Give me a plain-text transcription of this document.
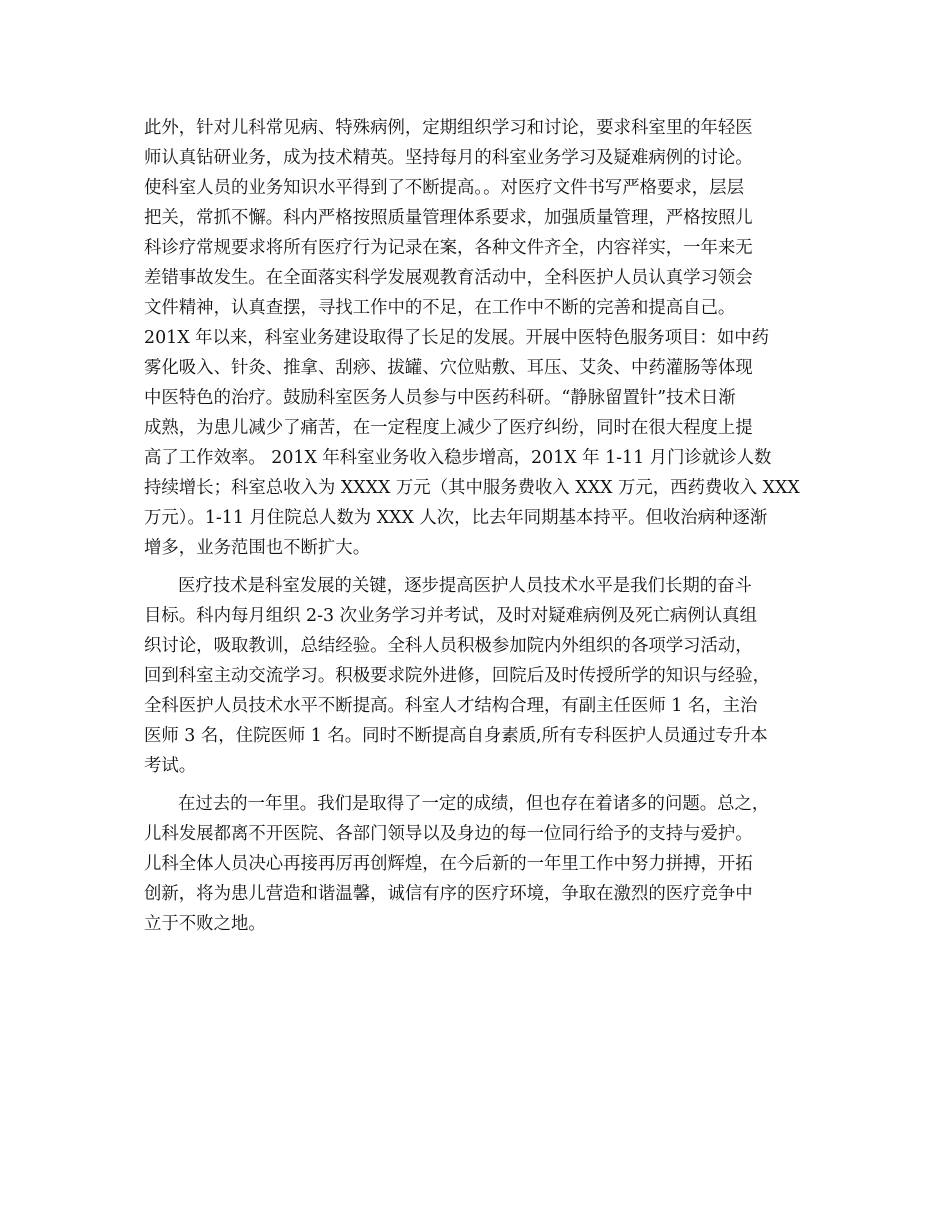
此外，针对儿科常见病、特殊病例，定期组织学习和讨论，要求科室里的年轻医
师认真钻研业务，成为技术精英。坚持每月的科室业务学习及疑难病例的讨论。
使科室人员的业务知识水平得到了不断提高。。对医疗文件书写严格要求，层层
把关，常抓不懈。科内严格按照质量管理体系要求，加强质量管理，严格按照儿
科诊疗常规要求将所有医疗行为记录在案，各种文件齐全，内容祥实，一年来无
差错事故发生。在全面落实科学发展观教育活动中，全科医护人员认真学习领会
文件精神，认真查摆，寻找工作中的不足，在工作中不断的完善和提高自己。
201X 年以来，科室业务建设取得了长足的发展。开展中医特色服务项目：如中药
雾化吸入、针灸、推拿、刮痧、拔罐、穴位贴敷、耳压、艾灸、中药灌肠等体现
中医特色的治疗。鼓励科室医务人员参与中医药科研。“静脉留置针”技术日渐
成熟，为患儿减少了痛苦，在一定程度上减少了医疗纠纷，同时在很大程度上提
高了工作效率。 201X 年科室业务收入稳步增高，201X 年 1-11 月门诊就诊人数
持续增长；科室总收入为 XXXX 万元（其中服务费收入 XXX 万元，西药费收入 XXX
万元）。1-11 月住院总人数为 XXX 人次，比去年同期基本持平。但收治病种逐渐
增多，业务范围也不断扩大。

医疗技术是科室发展的关键，逐步提高医护人员技术水平是我们长期的奋斗
目标。科内每月组织 2-3 次业务学习并考试，及时对疑难病例及死亡病例认真组
织讨论，吸取教训，总结经验。全科人员积极参加院内外组织的各项学习活动，
回到科室主动交流学习。积极要求院外进修，回院后及时传授所学的知识与经验，
全科医护人员技术水平不断提高。科室人才结构合理，有副主任医师 1 名，主治
医师 3 名，住院医师 1 名。同时不断提高自身素质,所有专科医护人员通过专升本
考试。

在过去的一年里。我们是取得了一定的成绩，但也存在着诸多的问题。总之，
儿科发展都离不开医院、各部门领导以及身边的每一位同行给予的支持与爱护。
儿科全体人员决心再接再厉再创辉煌，在今后新的一年里工作中努力拼搏，开拓
创新，将为患儿营造和谐温馨，诚信有序的医疗环境，争取在激烈的医疗竞争中
立于不败之地。
